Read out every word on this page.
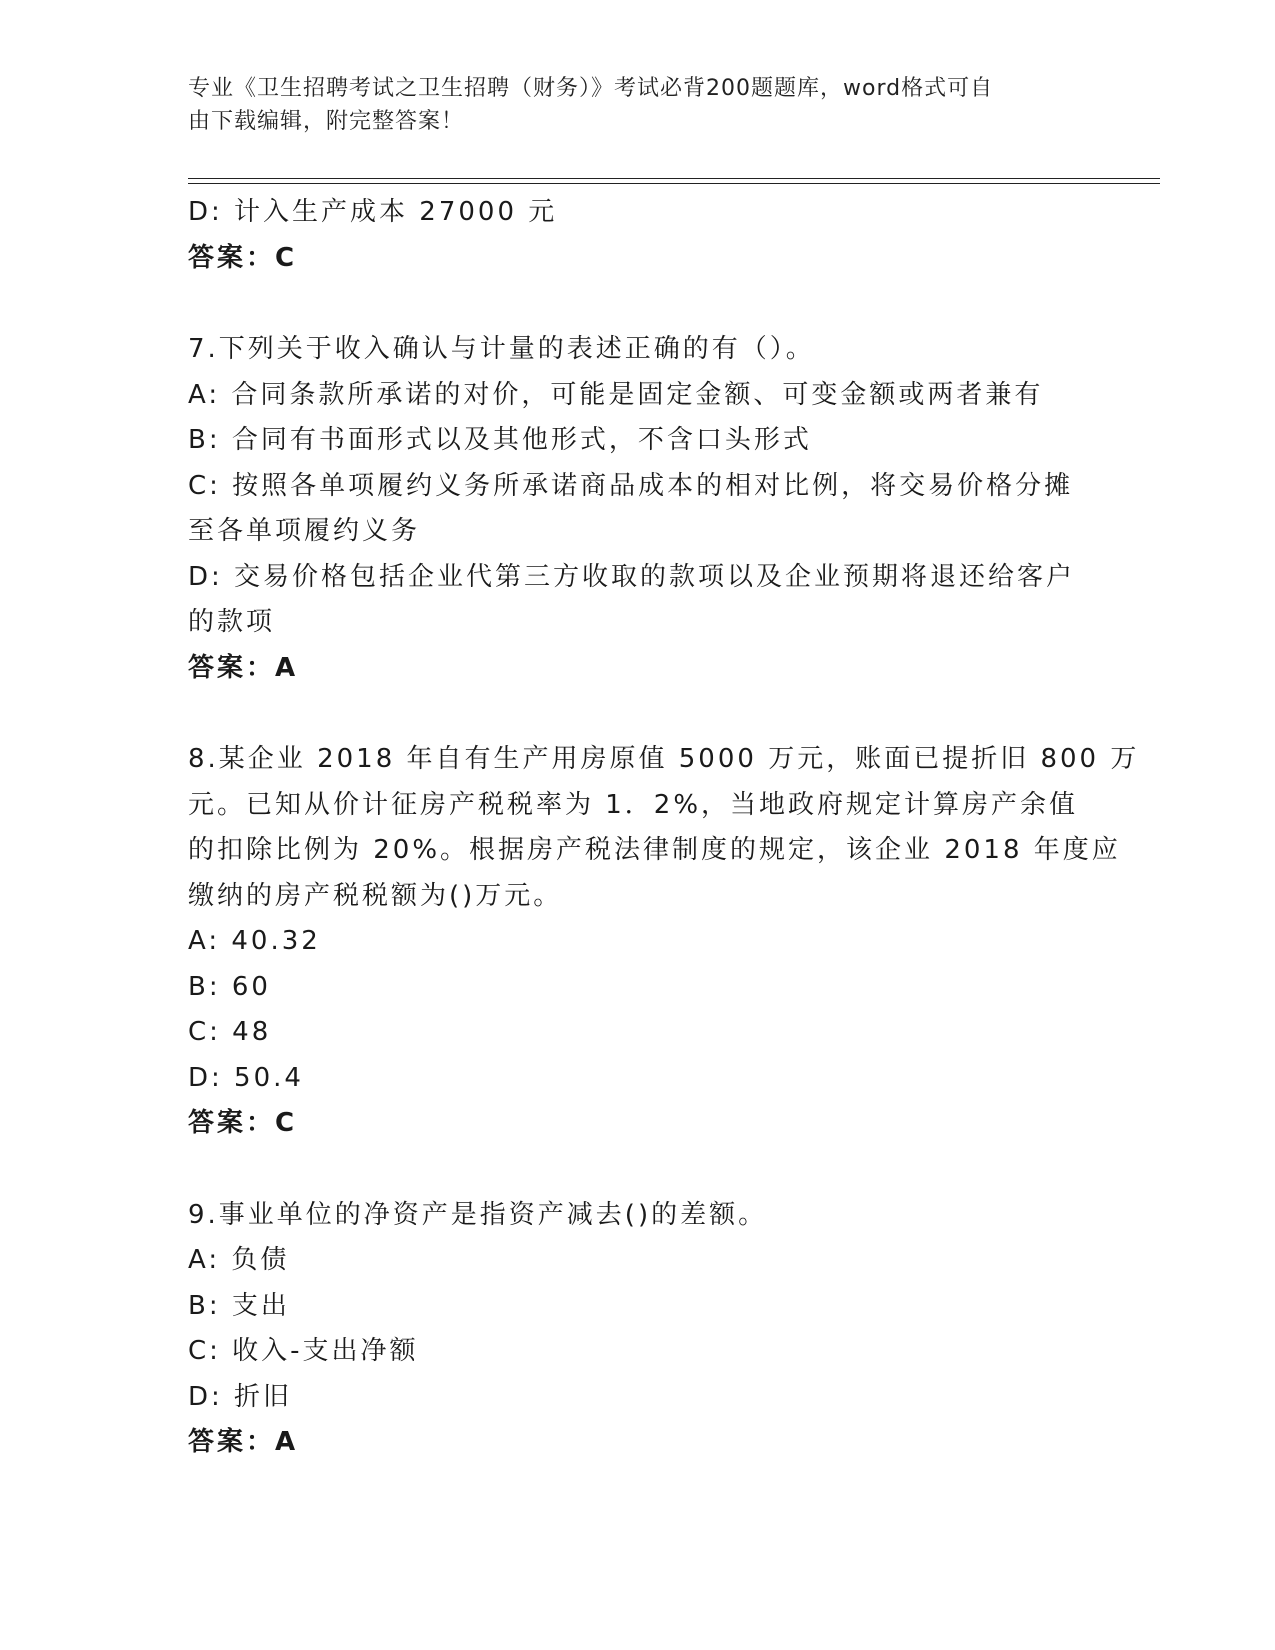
专业《卫生招聘考试之卫生招聘（财务）》考试必背200题题库，word格式可自
由下载编辑，附完整答案！
D: 计入生产成本 27000 元
答案：C
7.下列关于收入确认与计量的表述正确的有（）。
A: 合同条款所承诺的对价，可能是固定金额、可变金额或两者兼有
B: 合同有书面形式以及其他形式，不含口头形式
C: 按照各单项履约义务所承诺商品成本的相对比例，将交易价格分摊
至各单项履约义务
D: 交易价格包括企业代第三方收取的款项以及企业预期将退还给客户
的款项
答案：A
8.某企业 2018 年自有生产用房原值 5000 万元，账面已提折旧 800 万
元。已知从价计征房产税税率为 1．2%，当地政府规定计算房产余值
的扣除比例为 20%。根据房产税法律制度的规定，该企业 2018 年度应
缴纳的房产税税额为()万元。
A: 40.32
B: 60
C: 48
D: 50.4
答案：C
9.事业单位的净资产是指资产减去()的差额。
A: 负债
B: 支出
C: 收入-支出净额
D: 折旧
答案：A
